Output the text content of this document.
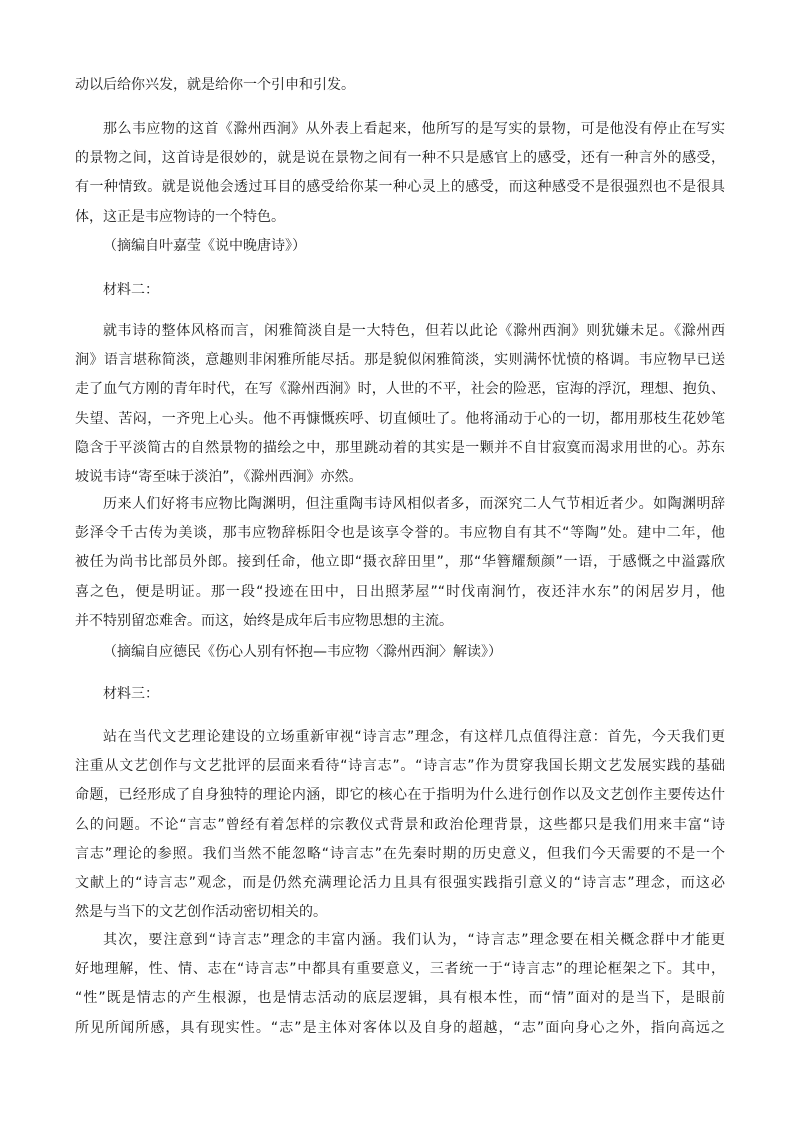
动以后给你兴发，就是给你一个引申和引发。
那么韦应物的这首《滁州西涧》从外表上看起来，他所写的是写实的景物，可是他没有停止在写实
的景物之间，这首诗是很妙的，就是说在景物之间有一种不只是感官上的感受，还有一种言外的感受，
有一种情致。就是说他会透过耳目的感受给你某一种心灵上的感受，而这种感受不是很强烈也不是很具
体，这正是韦应物诗的一个特色。
（摘编自叶嘉莹《说中晚唐诗》）
材料二：
就韦诗的整体风格而言，闲雅简淡自是一大特色，但若以此论《滁州西涧》则犹嫌未足。《滁州西
涧》语言堪称简淡，意趣则非闲雅所能尽括。那是貌似闲雅简淡，实则满怀忧愤的格调。韦应物早已送
走了血气方刚的青年时代，在写《滁州西涧》时，人世的不平，社会的险恶，宦海的浮沉，理想、抱负、
失望、苦闷，一齐兜上心头。他不再慷慨疾呼、切直倾吐了。他将涌动于心的一切，都用那枝生花妙笔
隐含于平淡简古的自然景物的描绘之中，那里跳动着的其实是一颗并不自甘寂寞而渴求用世的心。苏东
坡说韦诗“寄至味于淡泊”，《滁州西涧》亦然。
历来人们好将韦应物比陶渊明，但注重陶韦诗风相似者多，而深究二人气节相近者少。如陶渊明辞
彭泽令千古传为美谈，那韦应物辞栎阳令也是该享令誉的。韦应物自有其不“等陶”处。建中二年，他
被任为尚书比部员外郎。接到任命，他立即“摄衣辞田里”，那“华簪耀颓颜”一语，于感慨之中溢露欣
喜之色，便是明证。那一段“投迹在田中，日出照茅屋”“时伐南涧竹，夜还沣水东”的闲居岁月，他
并不特别留恋难舍。而这，始终是成年后韦应物思想的主流。
（摘编自应德民《伤心人别有怀抱—韦应物〈滁州西涧〉解读》）
材料三：
站在当代文艺理论建设的立场重新审视“诗言志”理念，有这样几点值得注意：首先，今天我们更
注重从文艺创作与文艺批评的层面来看待“诗言志”。“诗言志”作为贯穿我国长期文艺发展实践的基础
命题，已经形成了自身独特的理论内涵，即它的核心在于指明为什么进行创作以及文艺创作主要传达什
么的问题。不论“言志”曾经有着怎样的宗教仪式背景和政治伦理背景，这些都只是我们用来丰富“诗
言志”理论的参照。我们当然不能忽略“诗言志”在先秦时期的历史意义，但我们今天需要的不是一个
文献上的“诗言志”观念，而是仍然充满理论活力且具有很强实践指引意义的“诗言志”理念，而这必
然是与当下的文艺创作活动密切相关的。
其次，要注意到“诗言志”理念的丰富内涵。我们认为，“诗言志”理念要在相关概念群中才能更
好地理解，性、情、志在“诗言志”中都具有重要意义，三者统一于“诗言志”的理论框架之下。其中，
“性”既是情志的产生根源，也是情志活动的底层逻辑，具有根本性，而“情”面对的是当下，是眼前
所见所闻所感，具有现实性。“志”是主体对客体以及自身的超越，“志”面向身心之外，指向高远之
